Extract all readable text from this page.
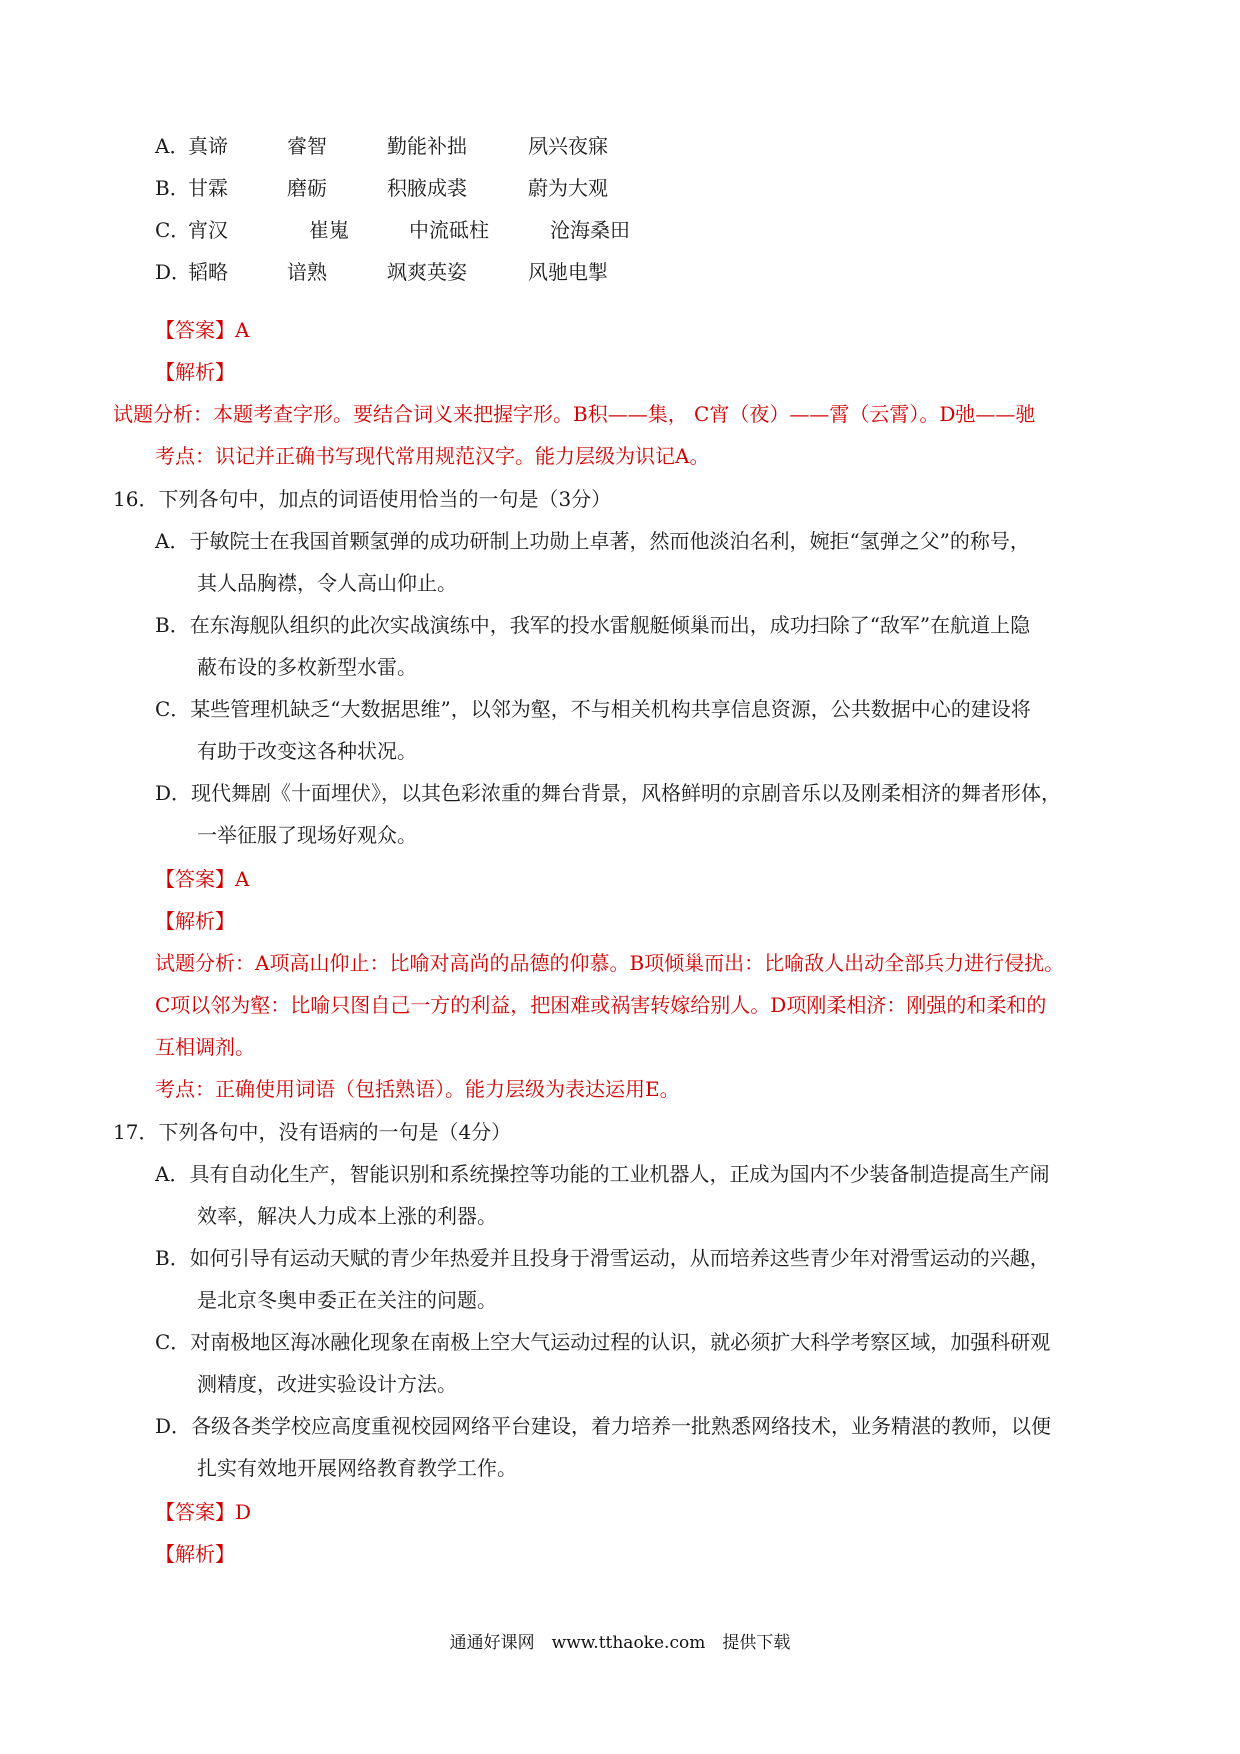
A．
真谛	睿智	勤能补拙	夙兴夜寐
B．
甘霖	磨砺	积腋成裘	蔚为大观
C．
宵汉	崔嵬	中流砥柱	沧海桑田
D．
韬略	谙熟	飒爽英姿	风驰电掣
【答案】A
【解析】
试题分析：本题考查字形。要结合词义来把握字形。B积——集， C宵（夜）——霄（云霄）。D弛——驰
考点：识记并正确书写现代常用规范汉字。能力层级为识记A。
16．下列各句中，加点的词语使用恰当的一句是（3分）
A．于敏院士在我国首颗氢弹的成功研制上功勋上卓著，然而他淡泊名利，婉拒“氢弹之父”的称号，
其人品胸襟，令人高山仰止。
B．在东海舰队组织的此次实战演练中，我军的投水雷舰艇倾巢而出，成功扫除了“敌军”在航道上隐
蔽布设的多枚新型水雷。
C．某些管理机缺乏“大数据思维”，以邻为壑，不与相关机构共享信息资源，公共数据中心的建设将
有助于改变这各种状况。
D．现代舞剧《十面埋伏》，以其色彩浓重的舞台背景，风格鲜明的京剧音乐以及刚柔相济的舞者形体，
一举征服了现场好观众。
【答案】A
【解析】
试题分析：A项高山仰止：比喻对高尚的品德的仰慕。B项倾巢而出：比喻敌人出动全部兵力进行侵扰。
C项以邻为壑：比喻只图自己一方的利益，把困难或祸害转嫁给别人。D项刚柔相济：刚强的和柔和的
互相调剂。
考点：正确使用词语（包括熟语）。能力层级为表达运用E。
17．下列各句中，没有语病的一句是（4分）
A．具有自动化生产，智能识别和系统操控等功能的工业机器人，正成为国内不少装备制造提高生产闹
效率，解决人力成本上涨的利器。
B．如何引导有运动天赋的青少年热爱并且投身于滑雪运动，从而培养这些青少年对滑雪运动的兴趣，
是北京冬奥申委正在关注的问题。
C．对南极地区海冰融化现象在南极上空大气运动过程的认识，就必须扩大科学考察区域，加强科研观
测精度，改进实验设计方法。
D．各级各类学校应高度重视校园网络平台建设，着力培养一批熟悉网络技术，业务精湛的教师，以便
扎实有效地开展网络教育教学工作。
【答案】D
【解析】
通通好课网　www.tthaoke.com　提供下载
